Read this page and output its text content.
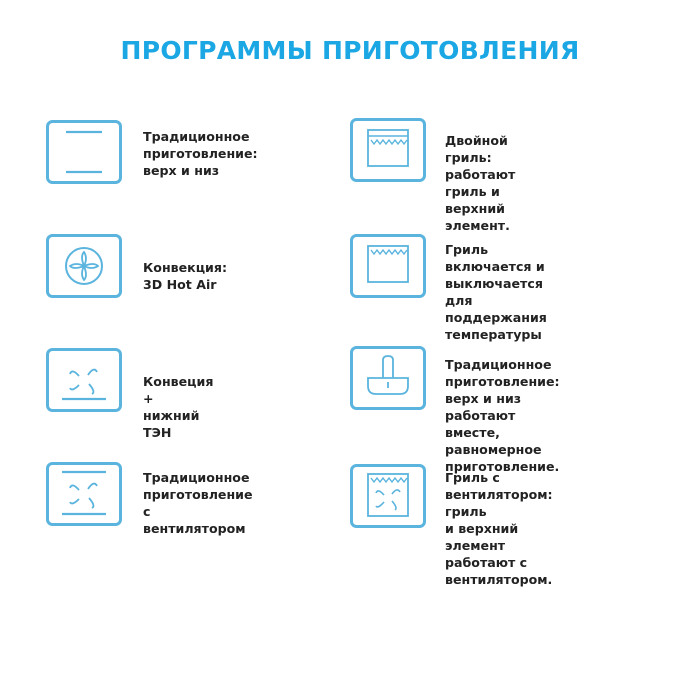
ПРОГРАММЫ ПРИГОТОВЛЕНИЯ
Традиционное
приготовление:
верх и низ
Двойной гриль: работают
гриль и верхний элемент.
Конвекция: 3D Hot Air
Гриль включается и
выключается для
поддержания температуры
Конвеция + нижний ТЭН
Традиционное приготовление:
верх и низ работают вместе,
равномерное приготовление.
Традиционное
приготовление с
вентилятором
Гриль с вентилятором: гриль
и верхний элемент
работают с вентилятором.
